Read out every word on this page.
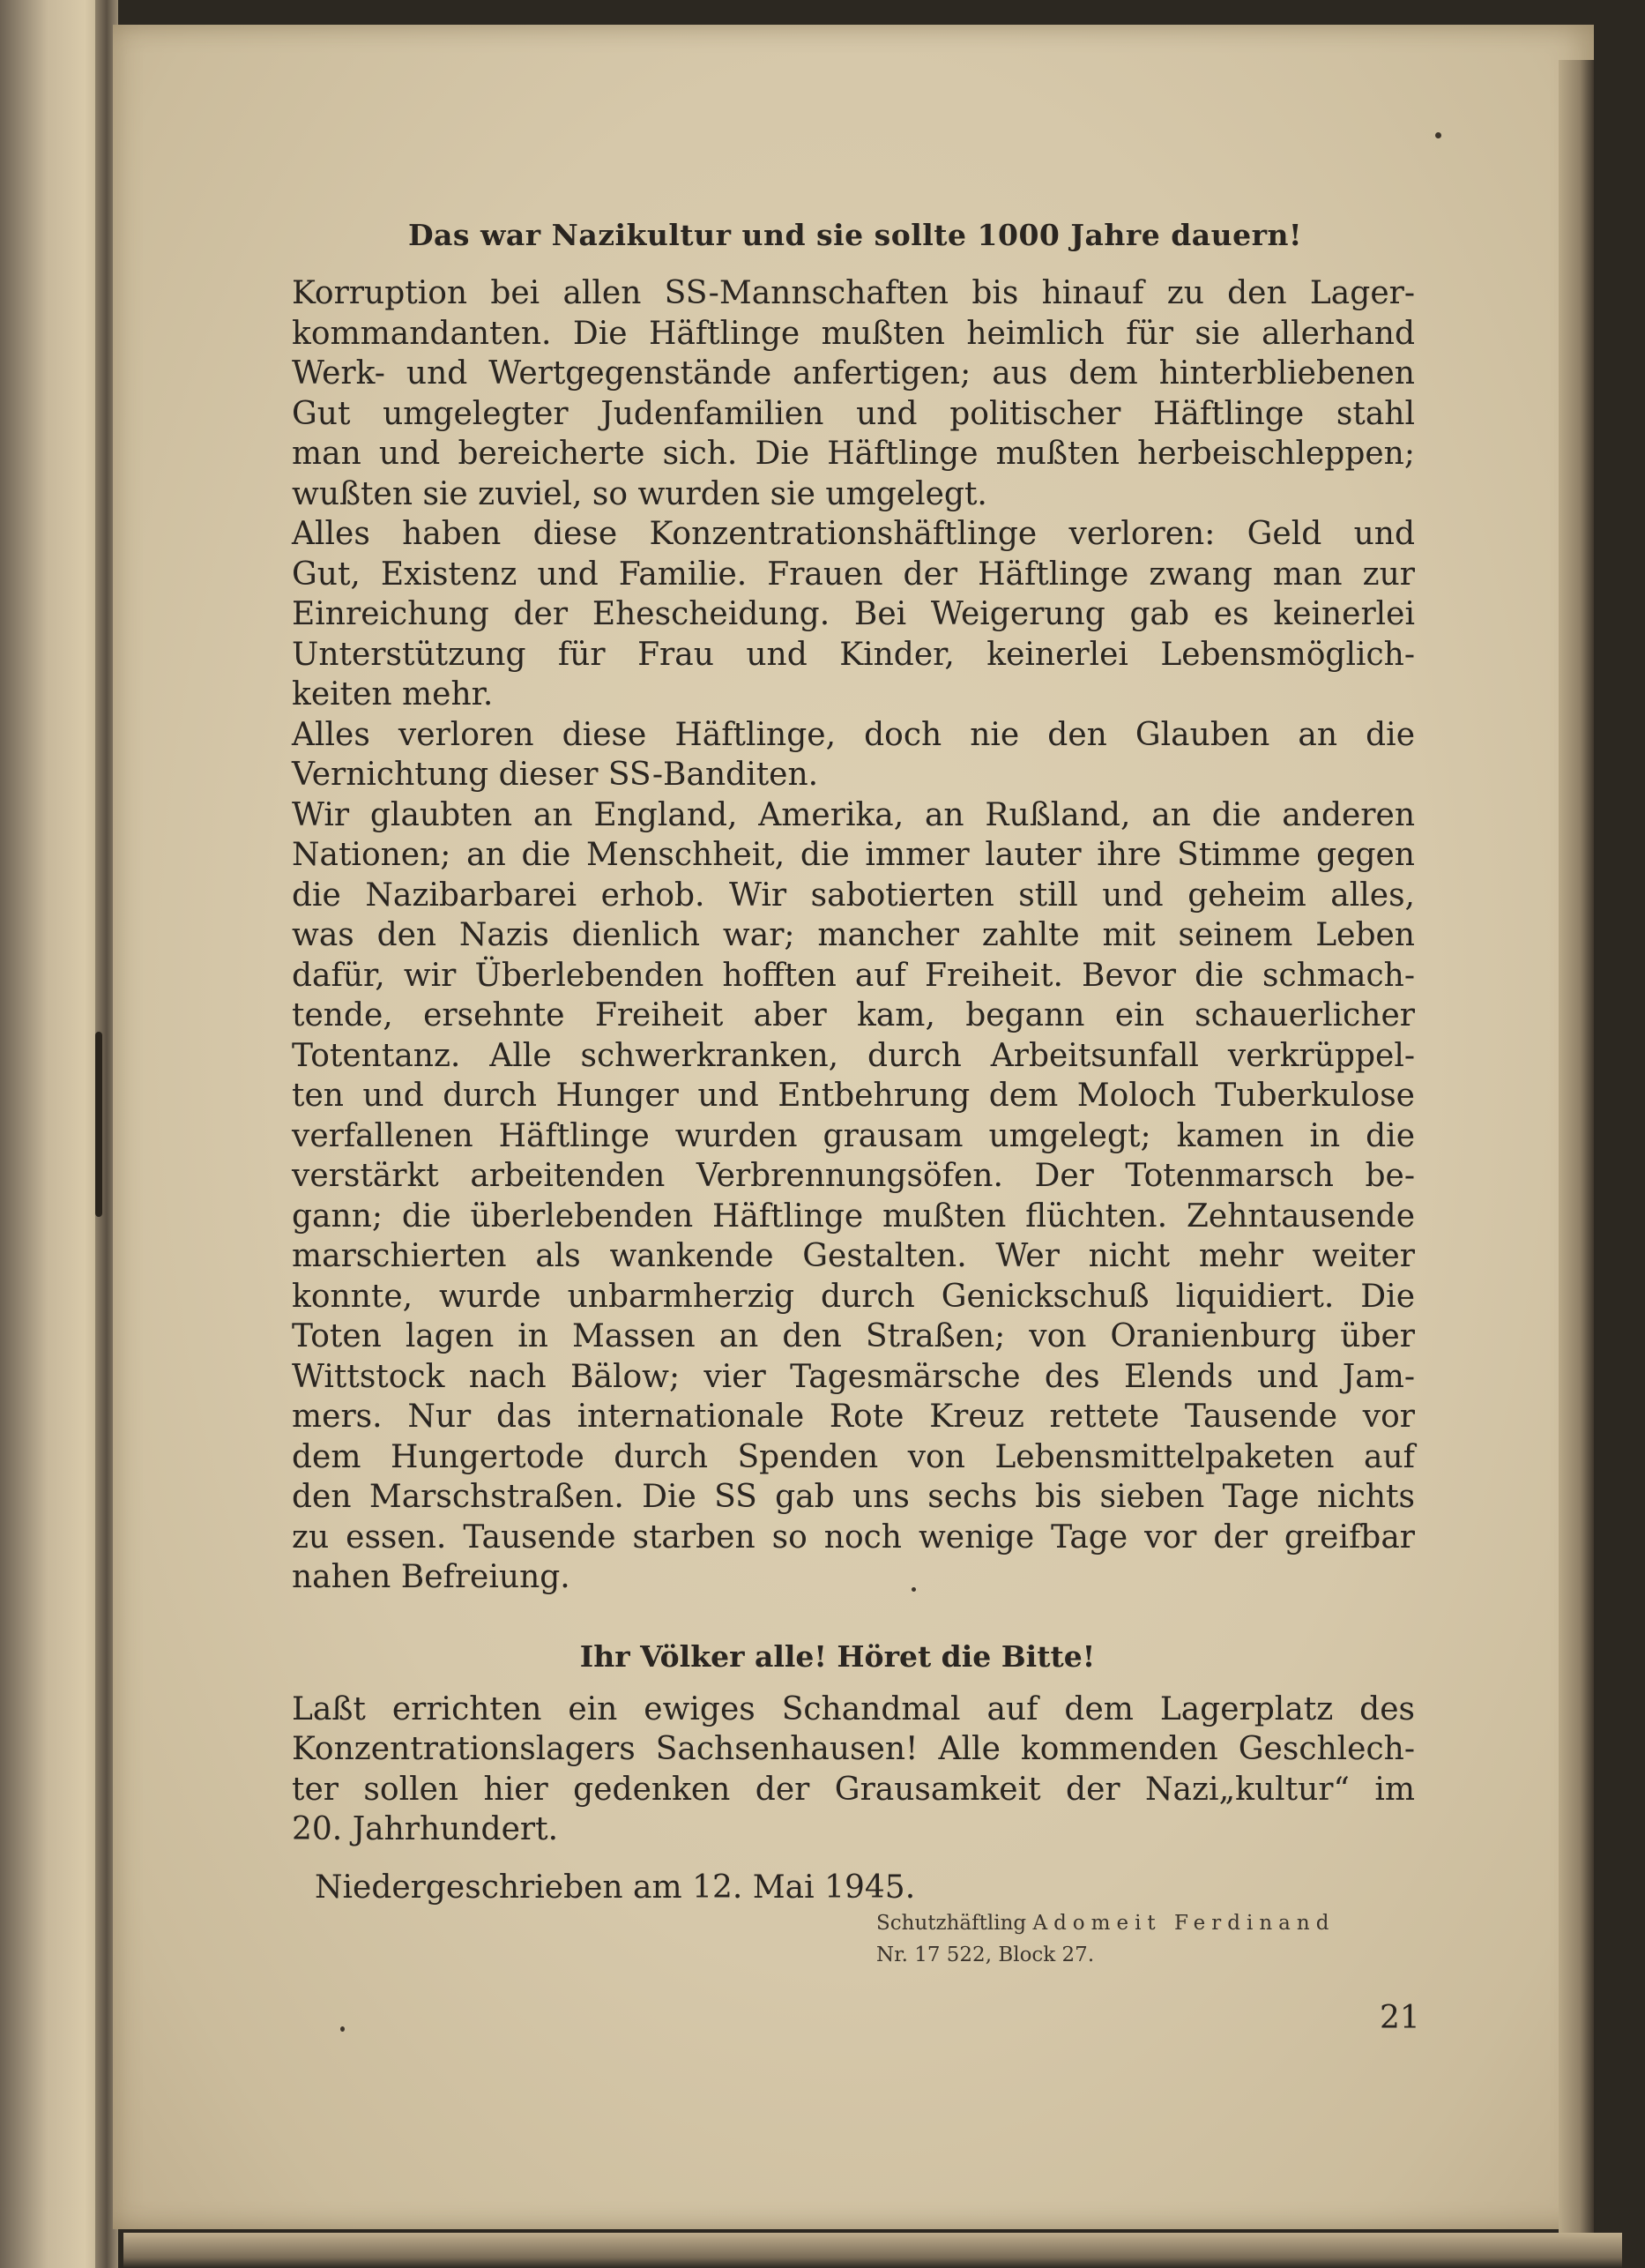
Das war Nazikultur und sie sollte 1000 Jahre dauern!
Korruption bei allen SS-Mannschaften bis hinauf zu den Lager-
kommandanten. Die Häftlinge mußten heimlich für sie allerhand
Werk- und Wertgegenstände anfertigen; aus dem hinterbliebenen
Gut umgelegter Judenfamilien und politischer Häftlinge stahl
man und bereicherte sich. Die Häftlinge mußten herbeischleppen;
wußten sie zuviel, so wurden sie umgelegt.
Alles haben diese Konzentrationshäftlinge verloren: Geld und
Gut, Existenz und Familie. Frauen der Häftlinge zwang man zur
Einreichung der Ehescheidung. Bei Weigerung gab es keinerlei
Unterstützung für Frau und Kinder, keinerlei Lebensmöglich-
keiten mehr.
Alles verloren diese Häftlinge, doch nie den Glauben an die
Vernichtung dieser SS-Banditen.
Wir glaubten an England, Amerika, an Rußland, an die anderen
Nationen; an die Menschheit, die immer lauter ihre Stimme gegen
die Nazibarbarei erhob. Wir sabotierten still und geheim alles,
was den Nazis dienlich war; mancher zahlte mit seinem Leben
dafür, wir Überlebenden hofften auf Freiheit. Bevor die schmach-
tende, ersehnte Freiheit aber kam, begann ein schauerlicher
Totentanz. Alle schwerkranken, durch Arbeitsunfall verkrüppel-
ten und durch Hunger und Entbehrung dem Moloch Tuberkulose
verfallenen Häftlinge wurden grausam umgelegt; kamen in die
verstärkt arbeitenden Verbrennungsöfen. Der Totenmarsch be-
gann; die überlebenden Häftlinge mußten flüchten. Zehntausende
marschierten als wankende Gestalten. Wer nicht mehr weiter
konnte, wurde unbarmherzig durch Genickschuß liquidiert. Die
Toten lagen in Massen an den Straßen; von Oranienburg über
Wittstock nach Bälow; vier Tagesmärsche des Elends und Jam-
mers. Nur das internationale Rote Kreuz rettete Tausende vor
dem Hungertode durch Spenden von Lebensmittelpaketen auf
den Marschstraßen. Die SS gab uns sechs bis sieben Tage nichts
zu essen. Tausende starben so noch wenige Tage vor der greifbar
nahen Befreiung.
Ihr Völker alle! Höret die Bitte!
Laßt errichten ein ewiges Schandmal auf dem Lagerplatz des
Konzentrationslagers Sachsenhausen! Alle kommenden Geschlech-
ter sollen hier gedenken der Grausamkeit der Nazi„kultur“ im
20. Jahrhundert.
Niedergeschrieben am 12. Mai 1945.
Schutzhäftling Adomeit Ferdinand
Nr. 17 522, Block 27.
21
